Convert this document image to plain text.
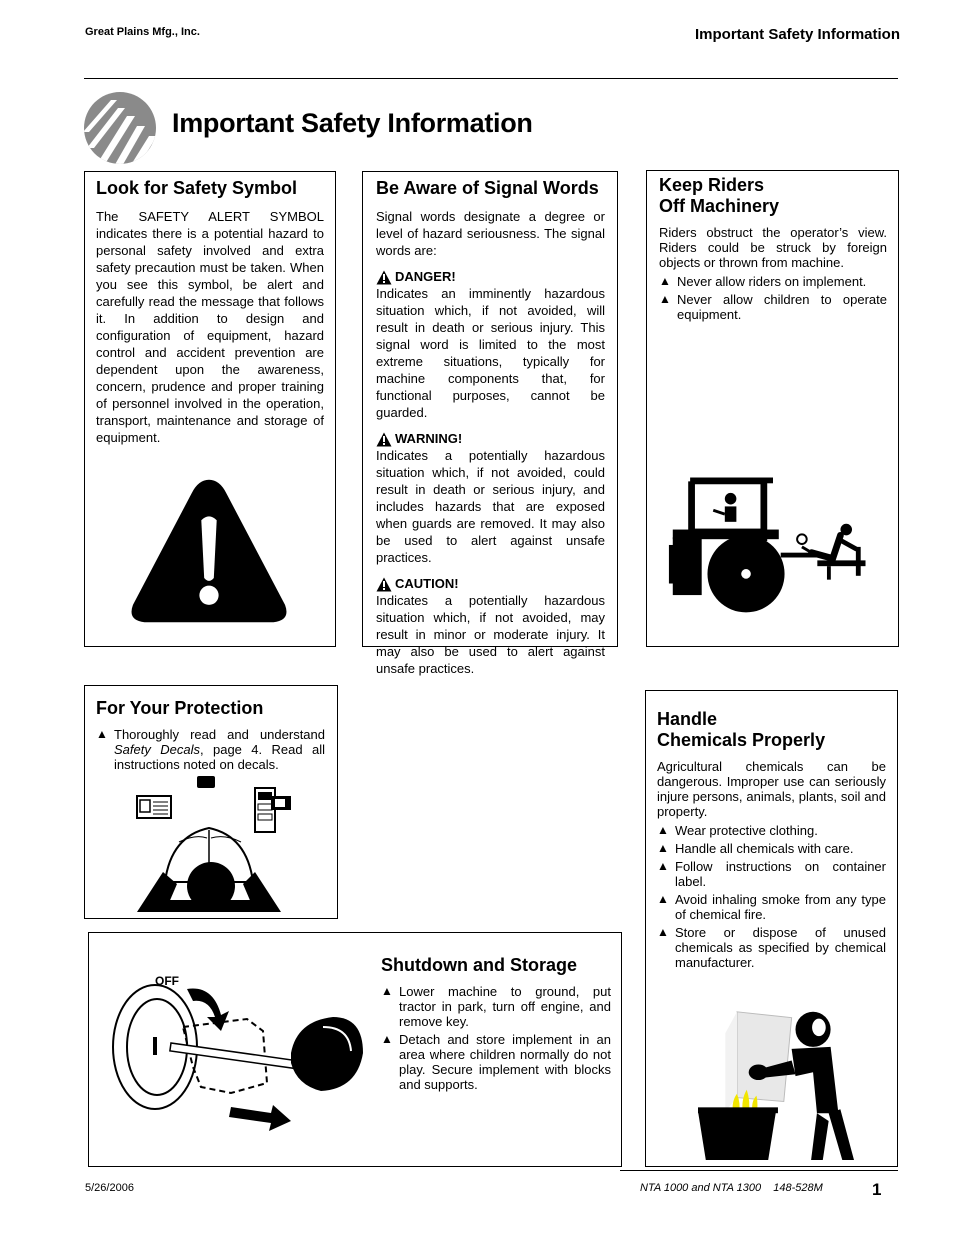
Great Plains Mfg., Inc.	Important Safety Information
Important Safety Information
Look for Safety Symbol

The SAFETY ALERT SYMBOL indicates there is a potential hazard to personal safety involved and extra safety precaution must be taken. When you see this symbol, be alert and carefully read the message that follows it. In addition to design and configuration of equipment, hazard control and accident prevention are dependent upon the awareness, concern, prudence and proper training of personnel involved in the operation, transport, maintenance and storage of equipment.

Be Aware of Signal Words

Signal words designate a degree or level of hazard seriousness. The signal words are:

DANGER!

Indicates an imminently hazardous situation which, if not avoided, will result in death or serious injury. This signal word is limited to the most extreme situations, typically for machine components that, for functional purposes, cannot be guarded.

WARNING!

Indicates a potentially hazardous situation which, if not avoided, could result in death or serious injury, and includes hazards that are exposed when guards are removed. It may also be used to alert against unsafe practices.

CAUTION!

Indicates a potentially hazardous situation which, if not avoided, may result in minor or moderate injury. It may also be used to alert against unsafe practices.

Keep Riders
Off Machinery

Riders obstruct the operator’s view. Riders could be struck by foreign objects or thrown from machine.

▲ Never allow riders on implement.
▲ Never allow children to operate equipment.
For Your Protection
▲ Thoroughly read and understand Safety Decals, page 4. Read all instructions noted on decals.
Handle
Chemicals Properly

Agricultural chemicals can be dangerous. Improper use can seriously injure persons, animals, plants, soil and property.

▲ Wear protective clothing.
▲ Handle all chemicals with care.
▲ Follow instructions on container label.
▲ Avoid inhaling smoke from any type of chemical fire.
▲ Store or dispose of unused chemicals as specified by chemical manufacturer.
Shutdown and Storage
▲ Lower machine to ground, put tractor in park, turn off engine, and remove key.
▲ Detach and store implement in an area where children normally do not play. Secure implement with blocks and supports.
OFF
5/26/2006	NTA 1000 and NTA 1300    148-528M	1
